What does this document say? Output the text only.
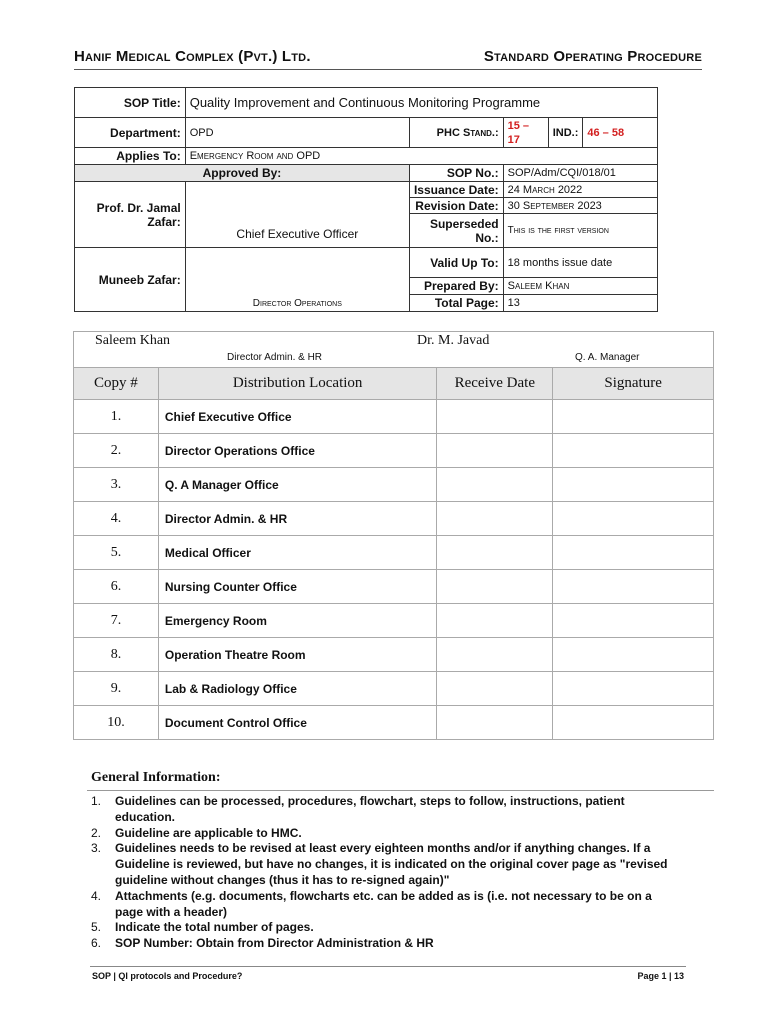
Hanif Medical Complex (Pvt.) Ltd.	Standard Operating Procedure
SOP Title:	Quality Improvement and Continuous Monitoring Programme				
Department:	OPD	PHC Stand.:	15 – 17	IND.:	46 – 58
Applies To:	Emergency Room and OPD				
Approved By:		SOP No.:	SOP/Adm/CQI/018/01		
Prof. Dr. Jamal Zafar:	Chief Executive Officer	Issuance Date:	24 March 2022		
		Revision Date:	30 September 2023		
		Superseded No.:	This is the first version		
Muneeb Zafar:	Director Operations	Valid Up To:	18 months issue date		
		Prepared By:	Saleem Khan		
		Total Page:	13		
Saleem Khan
Director Admin. & HR
Dr. M. Javad
Q. A. Manager			

Copy #	Distribution Location	Receive Date	Signature
1.	Chief Executive Office		
2.	Director Operations Office		
3.	Q. A Manager Office		
4.	Director Admin. & HR		
5.	Medical Officer		
6.	Nursing Counter Office		
7.	Emergency Room		
8.	Operation Theatre Room		
9.	Lab & Radiology Office		
10.	Document Control Office		
General Information:
1. Guidelines can be processed, procedures, flowchart, steps to follow, instructions, patient education.
2. Guideline are applicable to HMC.
3. Guidelines needs to be revised at least every eighteen months and/or if anything changes. If a Guideline is reviewed, but have no changes, it is indicated on the original cover page as "revised guideline without changes (thus it has to re-signed again)"
4. Attachments (e.g. documents, flowcharts etc. can be added as is (i.e. not necessary to be on a page with a header)
5. Indicate the total number of pages.
6. SOP Number: Obtain from Director Administration & HR
SOP | QI protocols and Procedure?	Page 1 | 13
